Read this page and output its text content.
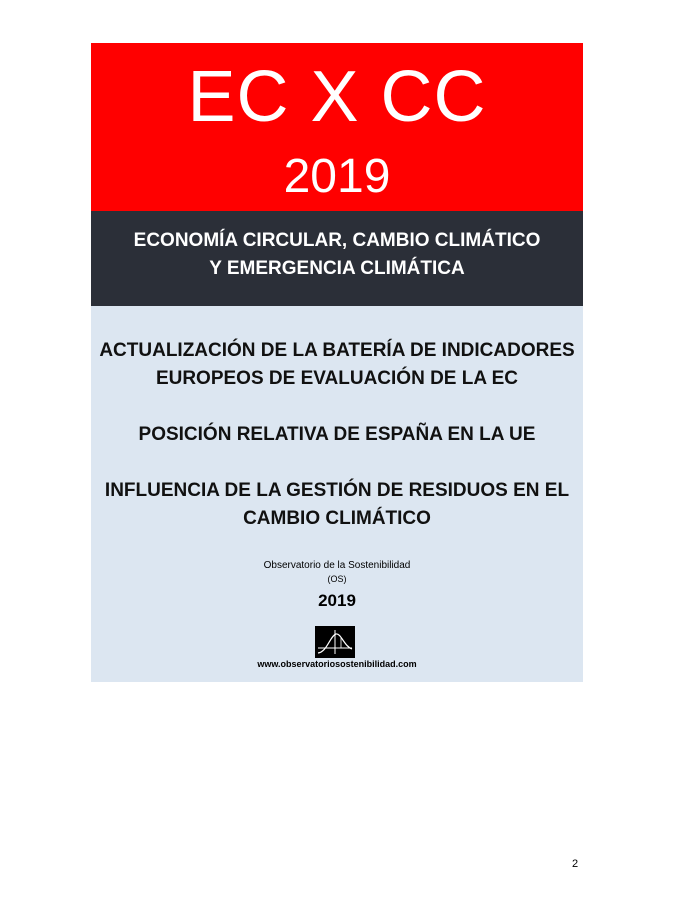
EC X CC
2019
ECONOMÍA CIRCULAR, CAMBIO CLIMÁTICO
Y EMERGENCIA CLIMÁTICA
ACTUALIZACIÓN DE LA BATERÍA DE INDICADORES
EUROPEOS DE EVALUACIÓN DE LA EC
POSICIÓN RELATIVA DE ESPAÑA EN LA UE
INFLUENCIA DE LA GESTIÓN DE RESIDUOS EN EL
CAMBIO CLIMÁTICO
Observatorio de la Sostenibilidad
(OS)
2019
www.observatoriosostenibilidad.com
2
